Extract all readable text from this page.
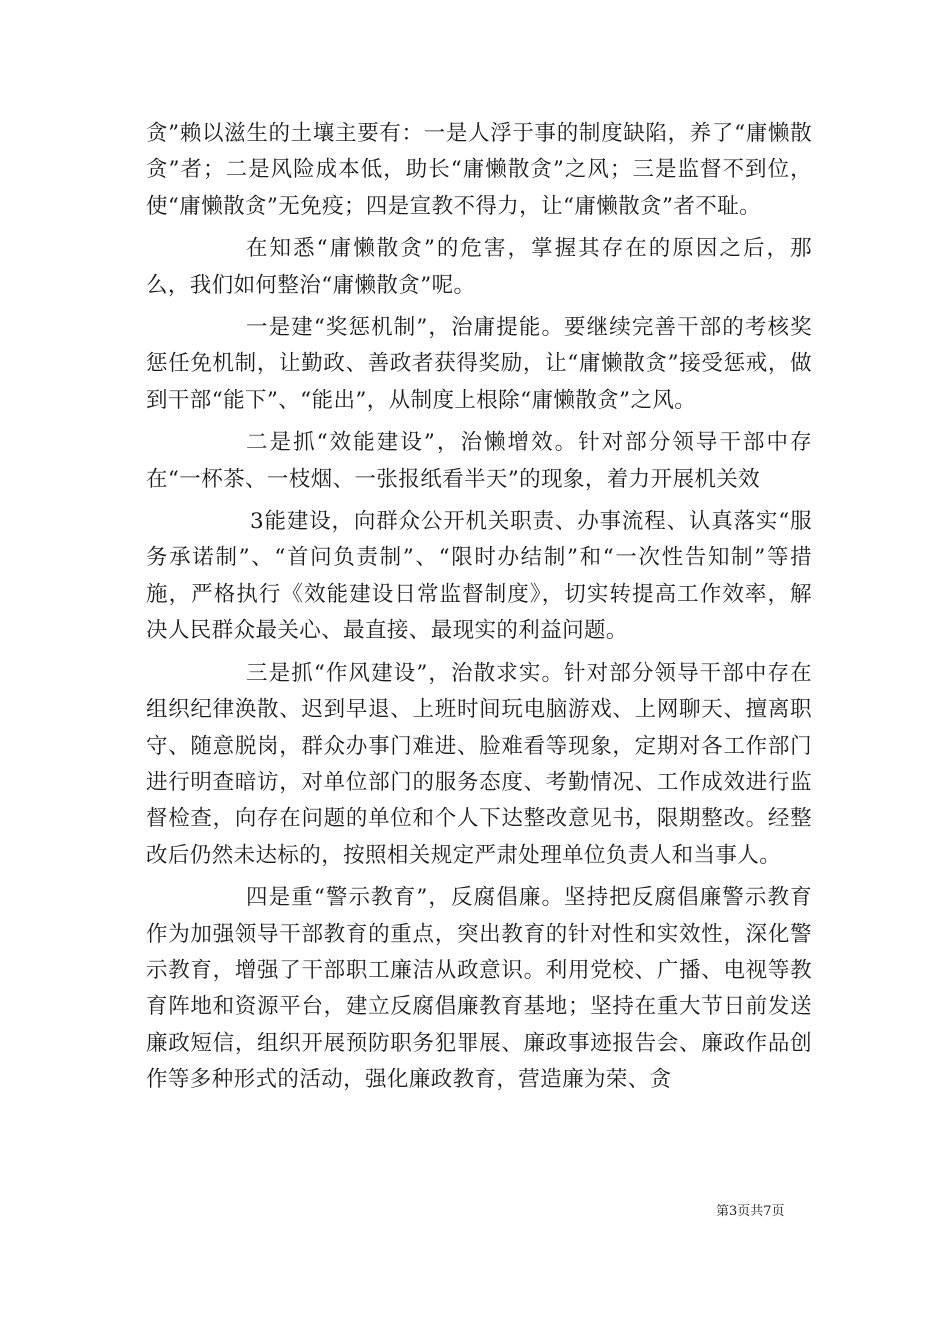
贪”赖以滋生的土壤主要有：一是人浮于事的制度缺陷，养了“庸懒散贪”者；二是风险成本低，助长“庸懒散贪”之风；三是监督不到位，使“庸懒散贪”无免疫；四是宣教不得力，让“庸懒散贪”者不耻。

在知悉“庸懒散贪”的危害，掌握其存在的原因之后，那么，我们如何整治“庸懒散贪”呢。

一是建“奖惩机制”，治庸提能。要继续完善干部的考核奖惩任免机制，让勤政、善政者获得奖励，让“庸懒散贪”接受惩戒，做到干部“能下”、“能出”，从制度上根除“庸懒散贪”之风。

二是抓“效能建设”，治懒增效。针对部分领导干部中存在“一杯茶、一枝烟、一张报纸看半天”的现象，着力开展机关效

3能建设，向群众公开机关职责、办事流程、认真落实“服务承诺制”、“首问负责制”、“限时办结制”和“一次性告知制”等措施，严格执行《效能建设日常监督制度》，切实转提高工作效率，解决人民群众最关心、最直接、最现实的利益问题。

三是抓“作风建设”，治散求实。针对部分领导干部中存在组织纪律涣散、迟到早退、上班时间玩电脑游戏、上网聊天、擅离职守、随意脱岗，群众办事门难进、脸难看等现象，定期对各工作部门进行明查暗访，对单位部门的服务态度、考勤情况、工作成效进行监督检查，向存在问题的单位和个人下达整改意见书，限期整改。经整改后仍然未达标的，按照相关规定严肃处理单位负责人和当事人。

四是重“警示教育”，反腐倡廉。坚持把反腐倡廉警示教育作为加强领导干部教育的重点，突出教育的针对性和实效性，深化警示教育，增强了干部职工廉洁从政意识。利用党校、广播、电视等教育阵地和资源平台，建立反腐倡廉教育基地；坚持在重大节日前发送廉政短信，组织开展预防职务犯罪展、廉政事迹报告会、廉政作品创作等多种形式的活动，强化廉政教育，营造廉为荣、贪

第3页共7页
